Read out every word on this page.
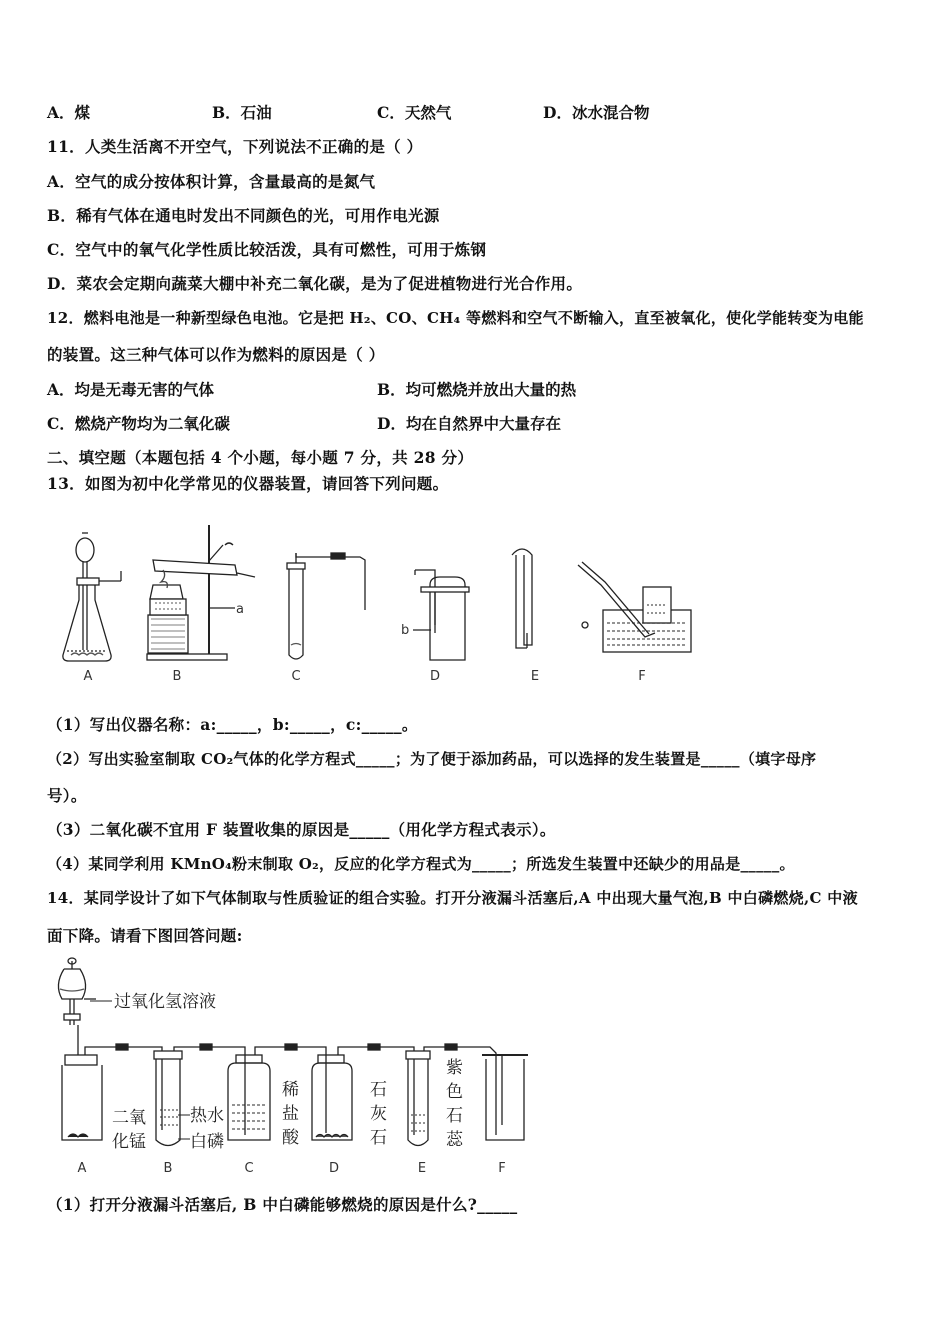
A．煤	B．石油	C．天然气	D．冰水混合物
11．人类生活离不开空气，下列说法不正确的是（ ）
A．空气的成分按体积计算，含量最高的是氮气
B．稀有气体在通电时发出不同颜色的光，可用作电光源
C．空气中的氧气化学性质比较活泼，具有可燃性，可用于炼钢
D．菜农会定期向蔬菜大棚中补充二氧化碳，是为了促进植物进行光合作用。
12．燃料电池是一种新型绿色电池。它是把 H₂、CO、CH₄ 等燃料和空气不断输入，直至被氧化，使化学能转变为电能
的装置。这三种气体可以作为燃料的原因是（ ）
A．均是无毒无害的气体	B．均可燃烧并放出大量的热
C．燃烧产物均为二氧化碳	D．均在自然界中大量存在
二、填空题（本题包括 4 个小题，每小题 7 分，共 28 分）
13．如图为初中化学常见的仪器装置，请回答下列问题。
a
b
A	B	C	D	E	F
（1）写出仪器名称：a:_____，b:_____，c:_____。
（2）写出实验室制取 CO₂气体的化学方程式_____；为了便于添加药品，可以选择的发生装置是_____（填字母序
号）。
（3）二氧化碳不宜用 F 装置收集的原因是_____（用化学方程式表示）。
（4）某同学利用 KMnO₄粉末制取 O₂，反应的化学方程式为_____；所选发生装置中还缺少的用品是_____。
14．某同学设计了如下气体制取与性质验证的组合实验。打开分液漏斗活塞后,A 中出现大量气泡,B 中白磷燃烧,C 中液
面下降。请看下图回答问题:
过氧化氢溶液
二氧
化锰
热水
白磷
稀
盐
酸
石
灰
石
紫
色
石
蕊
A	B	C	D	E	F
（1）打开分液漏斗活塞后, B 中白磷能够燃烧的原因是什么?_____
